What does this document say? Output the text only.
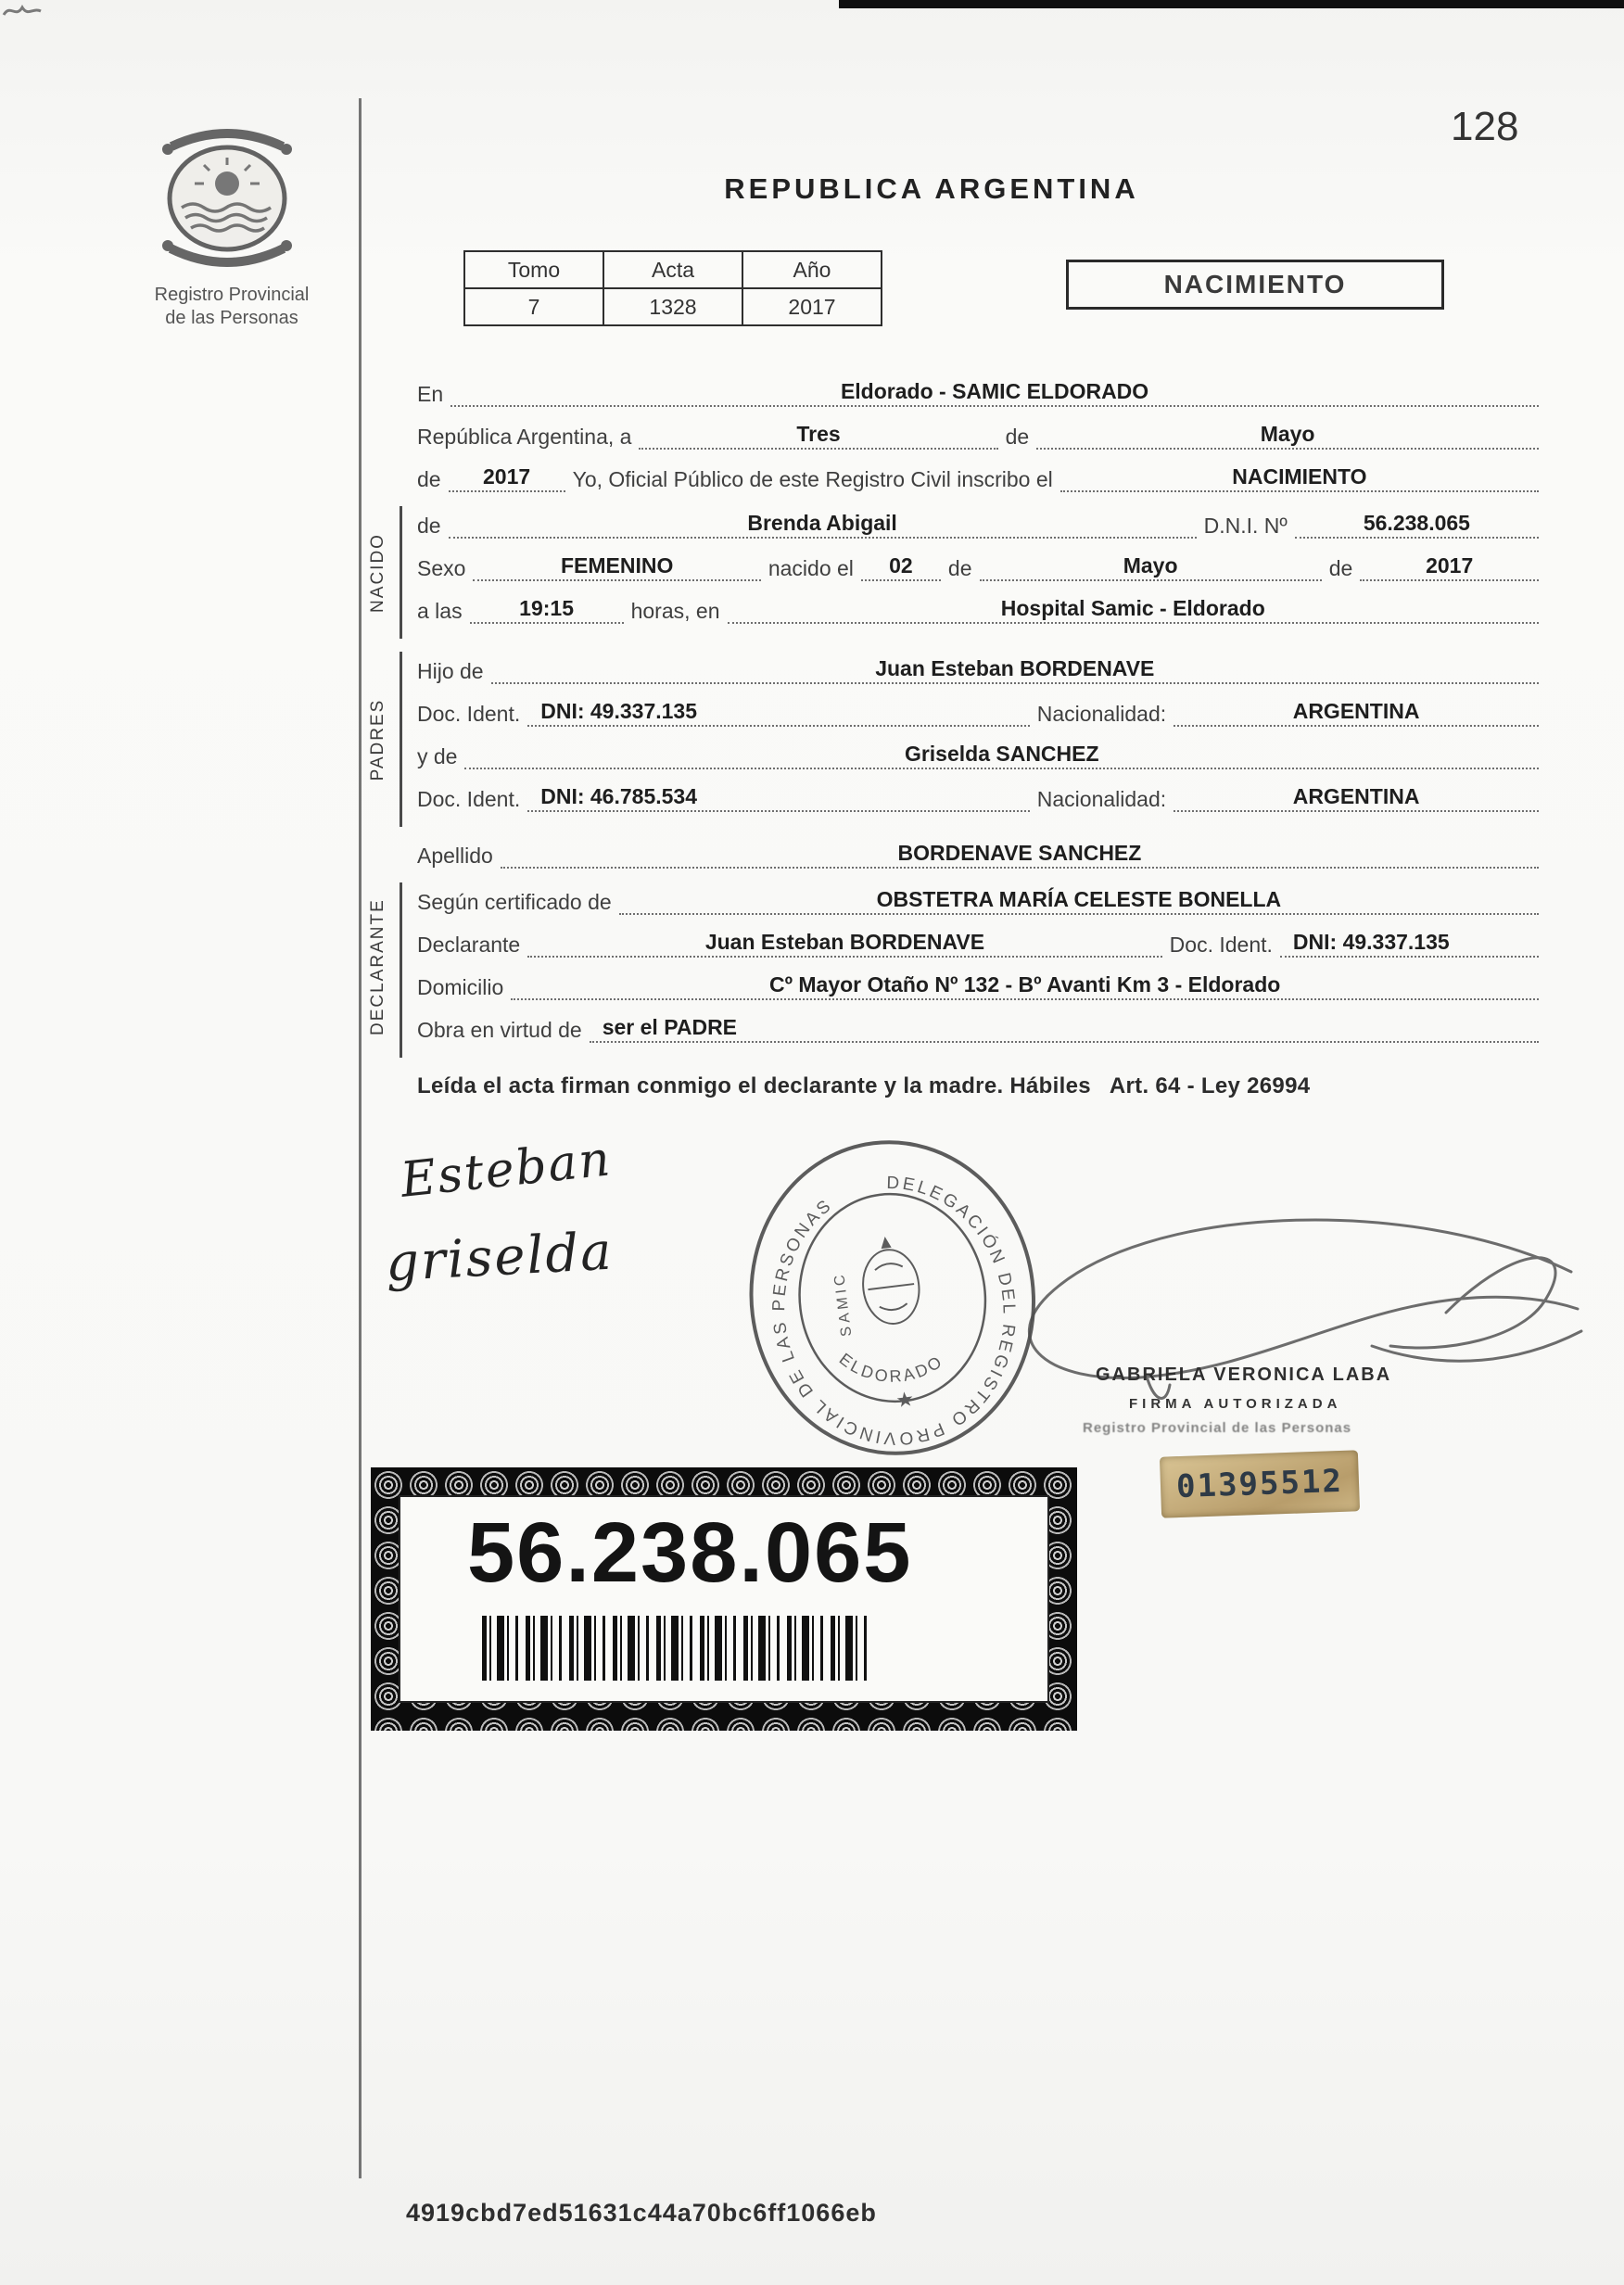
128
Registro Provincial
de las Personas
REPUBLICA ARGENTINA
Tomo	Acta	Año
7	1328	2017
NACIMIENTO
En	Eldorado - SAMIC ELDORADO
República Argentina, a	Tres	de	Mayo
de	2017	Yo, Oficial Público de este Registro Civil inscribo el	NACIMIENTO
NACIDO
de	Brenda Abigail	D.N.I. Nº	56.238.065
Sexo	FEMENINO	nacido el	02	de	Mayo	de	2017
a las	19:15	horas, en	Hospital Samic - Eldorado
PADRES
Hijo de	Juan Esteban BORDENAVE
Doc. Ident. DNI: 49.337.135	Nacionalidad:	ARGENTINA
y de	Griselda SANCHEZ
Doc. Ident. DNI: 46.785.534	Nacionalidad:	ARGENTINA
Apellido	BORDENAVE SANCHEZ
DECLARANTE Según certificado de	OBSTETRA MARÍA CELESTE BONELLA
Declarante	Juan Esteban BORDENAVE	Doc. Ident. DNI: 49.337.135
Domicilio	Cº Mayor Otaño Nº 132 - Bº Avanti Km 3 - Eldorado
Obra en virtud de ser el PADRE
Leída el acta firman conmigo el declarante y la madre. Hábiles   Art. 64 - Ley 26994
Esteban
griselda
DELEGACIÓN DEL REGISTRO PROVINCIAL DE LAS PERSONAS
SAMIC
ELDORADO
★
GABRIELA VERONICA LABA
FIRMA AUTORIZADA
Registro Provincial de las Personas
01395512
56.238.065
4919cbd7ed51631c44a70bc6ff1066eb
